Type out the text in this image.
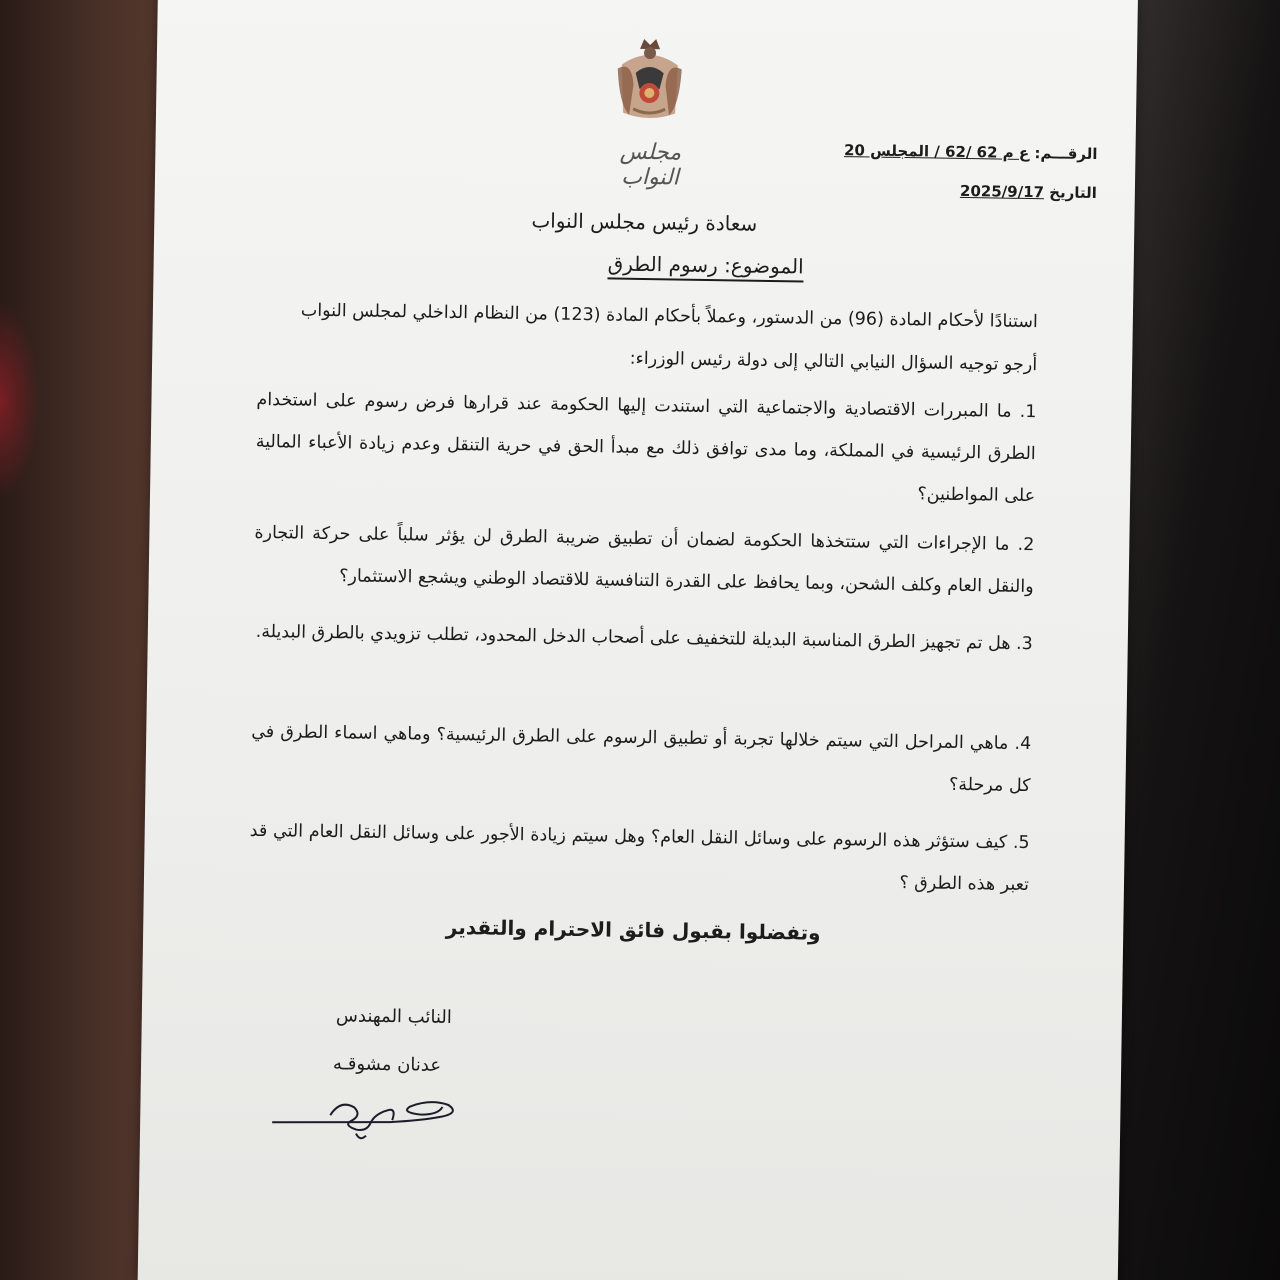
مجلس النواب
الرقـــم: ع م 62 /62 / المجلس 20
التاريخ 2025/9/17
سعادة رئيس مجلس النواب
الموضوع: رسوم الطرق
استنادًا لأحكام المادة (96) من الدستور، وعملاً بأحكام المادة (123) من النظام الداخلي لمجلس النواب
أرجو توجيه السؤال النيابي التالي إلى دولة رئيس الوزراء:
1. ما المبررات الاقتصادية والاجتماعية التي استندت إليها الحكومة عند قرارها فرض رسوم على استخدام الطرق الرئيسية في المملكة، وما مدى توافق ذلك مع مبدأ الحق في حرية التنقل وعدم زيادة الأعباء المالية على المواطنين؟
2. ما الإجراءات التي ستتخذها الحكومة لضمان أن تطبيق ضريبة الطرق لن يؤثر سلباً على حركة التجارة والنقل العام وكلف الشحن، وبما يحافظ على القدرة التنافسية للاقتصاد الوطني ويشجع الاستثمار؟
3. هل تم تجهيز الطرق المناسبة البديلة للتخفيف على أصحاب الدخل المحدود، تطلب تزويدي بالطرق البديلة.
4. ماهي المراحل التي سيتم خلالها تجربة أو تطبيق الرسوم على الطرق الرئيسية؟ وماهي اسماء الطرق في كل مرحلة؟
5. كيف ستؤثر هذه الرسوم على وسائل النقل العام؟ وهل سيتم زيادة الأجور على وسائل النقل العام التي قد تعبر هذه الطرق ؟
وتفضلوا بقبول فائق الاحترام والتقدير
النائب المهندس
عدنان مشوقـه
